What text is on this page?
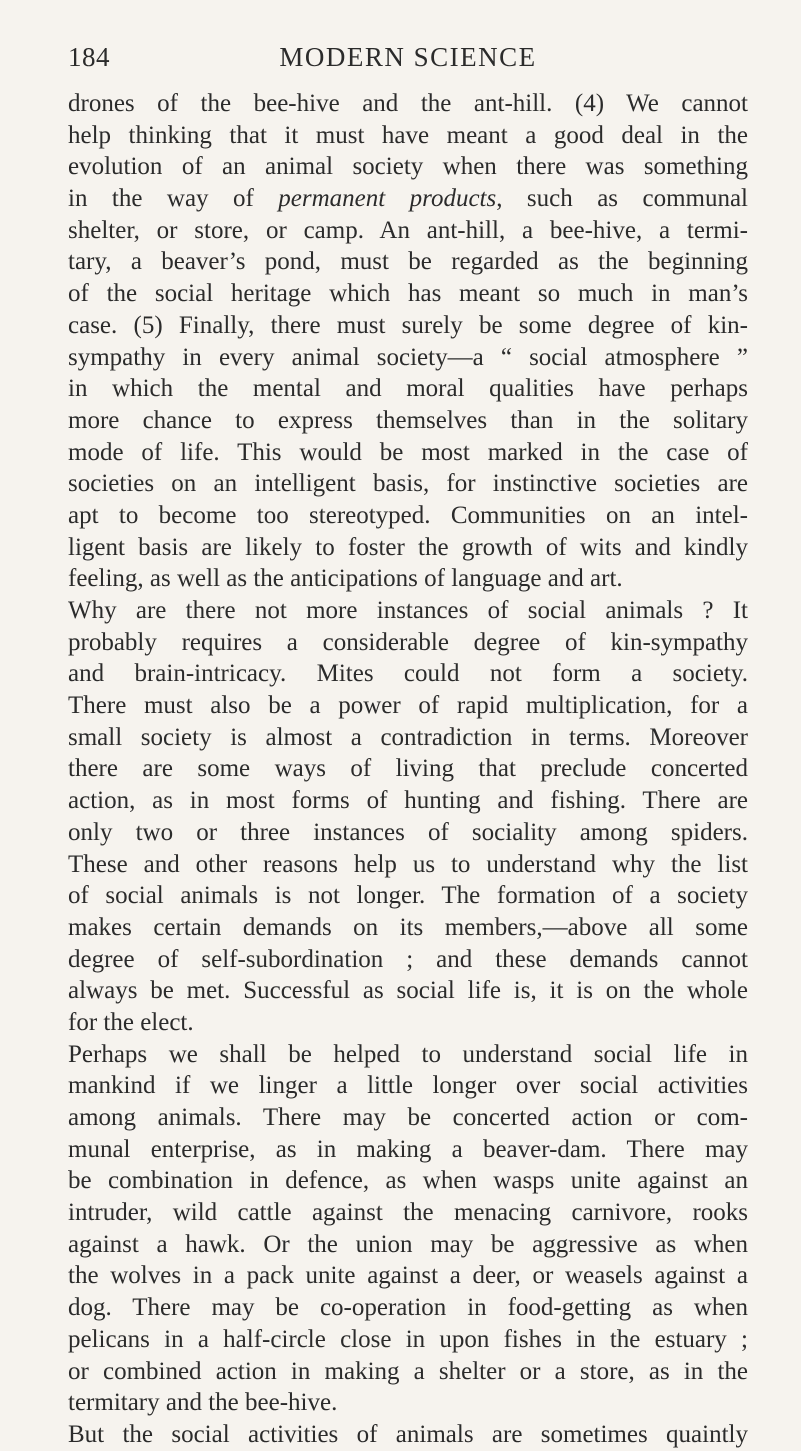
184	MODERN SCIENCE
drones of the bee-hive and the ant-hill. (4) We cannot
help thinking that it must have meant a good deal in the
evolution of an animal society when there was something
in the way of permanent products, such as communal
shelter, or store, or camp. An ant-hill, a bee-hive, a termi-
tary, a beaver’s pond, must be regarded as the beginning
of the social heritage which has meant so much in man’s
case. (5) Finally, there must surely be some degree of kin-
sympathy in every animal society—a “ social atmosphere ”
in which the mental and moral qualities have perhaps
more chance to express themselves than in the solitary
mode of life. This would be most marked in the case of
societies on an intelligent basis, for instinctive societies are
apt to become too stereotyped. Communities on an intel-
ligent basis are likely to foster the growth of wits and kindly
feeling, as well as the anticipations of language and art.
Why are there not more instances of social animals ? It
probably requires a considerable degree of kin-sympathy
and brain-intricacy. Mites could not form a society.
There must also be a power of rapid multiplication, for a
small society is almost a contradiction in terms. Moreover
there are some ways of living that preclude concerted
action, as in most forms of hunting and fishing. There are
only two or three instances of sociality among spiders.
These and other reasons help us to understand why the list
of social animals is not longer. The formation of a society
makes certain demands on its members,—above all some
degree of self-subordination ; and these demands cannot
always be met. Successful as social life is, it is on the whole
for the elect.
Perhaps we shall be helped to understand social life in
mankind if we linger a little longer over social activities
among animals. There may be concerted action or com-
munal enterprise, as in making a beaver-dam. There may
be combination in defence, as when wasps unite against an
intruder, wild cattle against the menacing carnivore, rooks
against a hawk. Or the union may be aggressive as when
the wolves in a pack unite against a deer, or weasels against a
dog. There may be co-operation in food-getting as when
pelicans in a half-circle close in upon fishes in the estuary ;
or combined action in making a shelter or a store, as in the
termitary and the bee-hive.
But the social activities of animals are sometimes quaintly
